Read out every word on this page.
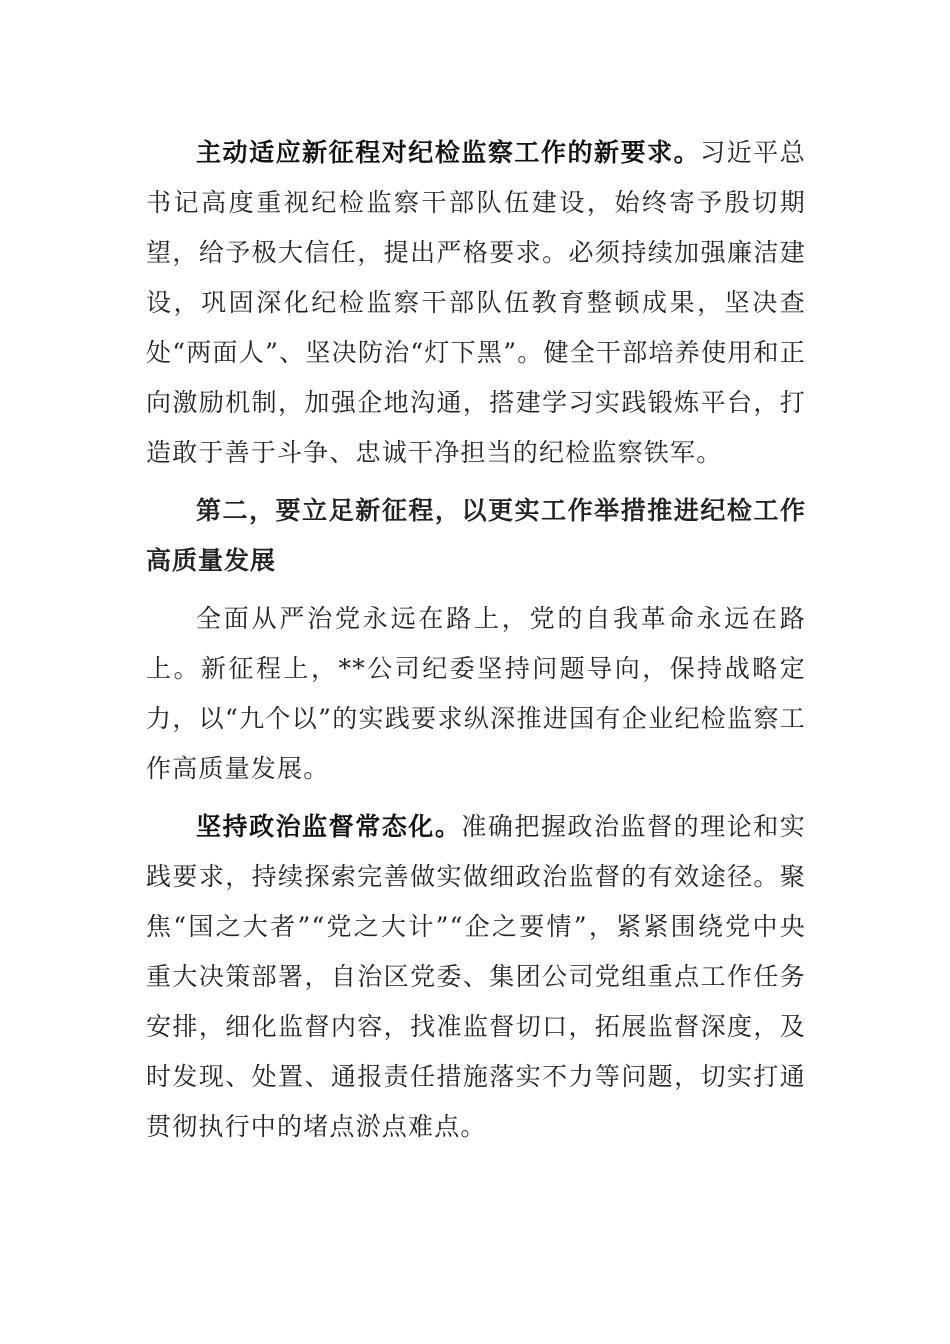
主动适应新征程对纪检监察工作的新要求。习近平总书记高度重视纪检监察干部队伍建设，始终寄予殷切期望，给予极大信任，提出严格要求。必须持续加强廉洁建设，巩固深化纪检监察干部队伍教育整顿成果，坚决查处“两面人”、坚决防治“灯下黑”。健全干部培养使用和正向激励机制，加强企地沟通，搭建学习实践锻炼平台，打造敢于善于斗争、忠诚干净担当的纪检监察铁军。

第二，要立足新征程，以更实工作举措推进纪检工作高质量发展

全面从严治党永远在路上，党的自我革命永远在路上。新征程上，**公司纪委坚持问题导向，保持战略定力，以“九个以”的实践要求纵深推进国有企业纪检监察工作高质量发展。

坚持政治监督常态化。准确把握政治监督的理论和实践要求，持续探索完善做实做细政治监督的有效途径。聚焦“国之大者”“党之大计”“企之要情”，紧紧围绕党中央重大决策部署，自治区党委、集团公司党组重点工作任务安排，细化监督内容，找准监督切口，拓展监督深度，及时发现、处置、通报责任措施落实不力等问题，切实打通贯彻执行中的堵点淤点难点。
